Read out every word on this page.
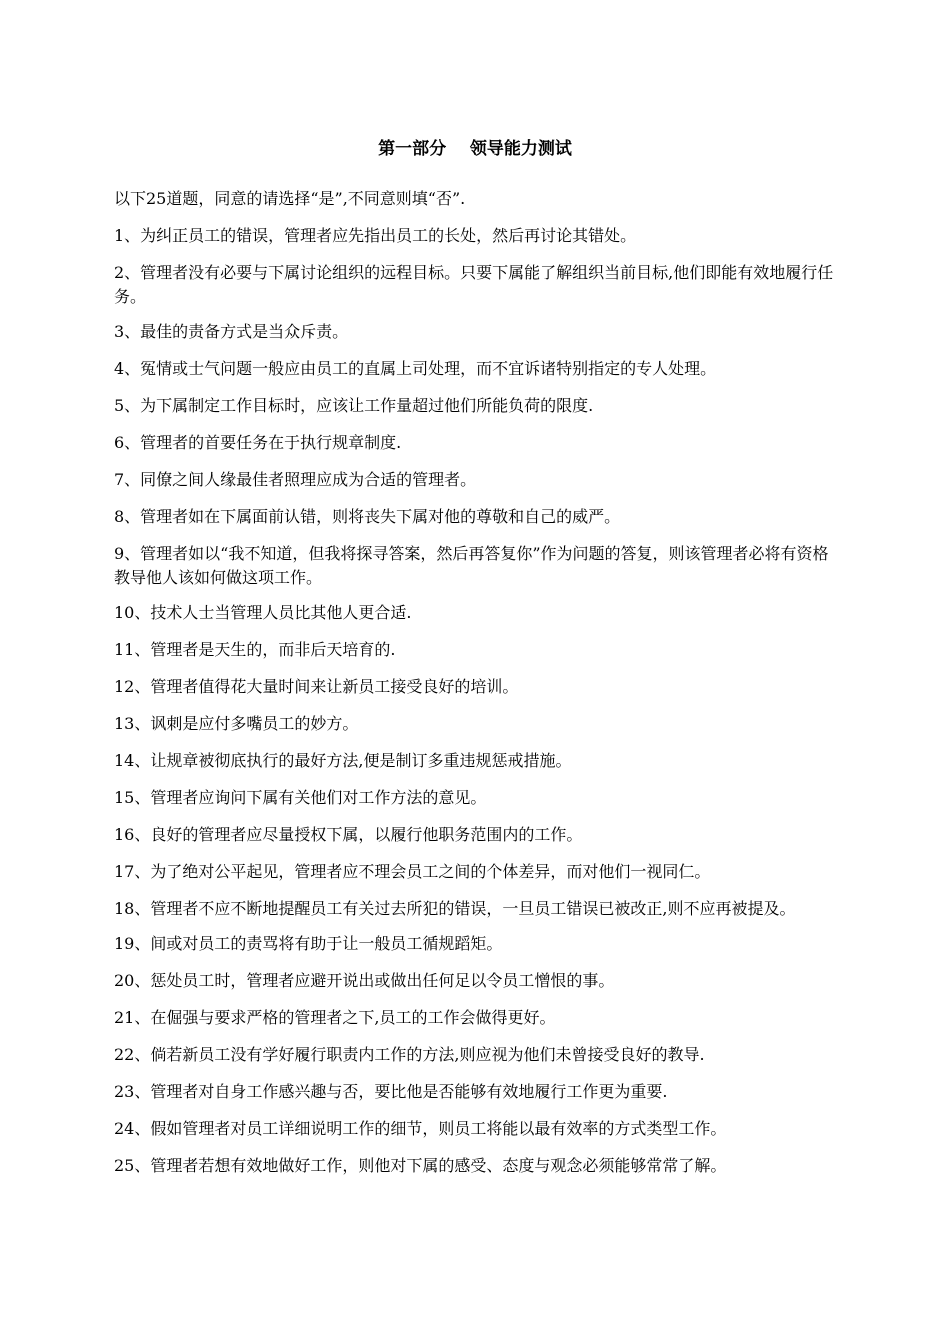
第一部分    领导能力测试
以下25道题，同意的请选择“是”,不同意则填“否”.
1、为纠正员工的错误，管理者应先指出员工的长处，然后再讨论其错处。
2、管理者没有必要与下属讨论组织的远程目标。只要下属能了解组织当前目标,他们即能有效地履行任务。
3、最佳的责备方式是当众斥责。
4、冤情或士气问题一般应由员工的直属上司处理，而不宜诉诸特别指定的专人处理。
5、为下属制定工作目标时，应该让工作量超过他们所能负荷的限度.
6、管理者的首要任务在于执行规章制度.
7、同僚之间人缘最佳者照理应成为合适的管理者。
8、管理者如在下属面前认错，则将丧失下属对他的尊敬和自己的威严。
9、管理者如以“我不知道，但我将探寻答案，然后再答复你”作为问题的答复，则该管理者必将有资格教导他人该如何做这项工作。
10、技术人士当管理人员比其他人更合适.
11、管理者是天生的，而非后天培育的.
12、管理者值得花大量时间来让新员工接受良好的培训。
13、讽刺是应付多嘴员工的妙方。
14、让规章被彻底执行的最好方法,便是制订多重违规惩戒措施。
15、管理者应询问下属有关他们对工作方法的意见。
16、良好的管理者应尽量授权下属，以履行他职务范围内的工作。
17、为了绝对公平起见，管理者应不理会员工之间的个体差异，而对他们一视同仁。
18、管理者不应不断地提醒员工有关过去所犯的错误，一旦员工错误已被改正,则不应再被提及。
19、间或对员工的责骂将有助于让一般员工循规蹈矩。
20、惩处员工时，管理者应避开说出或做出任何足以令员工憎恨的事。
21、在倔强与要求严格的管理者之下,员工的工作会做得更好。
22、倘若新员工没有学好履行职责内工作的方法,则应视为他们未曾接受良好的教导.
23、管理者对自身工作感兴趣与否，要比他是否能够有效地履行工作更为重要.
24、假如管理者对员工详细说明工作的细节，则员工将能以最有效率的方式类型工作。
25、管理者若想有效地做好工作，则他对下属的感受、态度与观念必须能够常常了解。
